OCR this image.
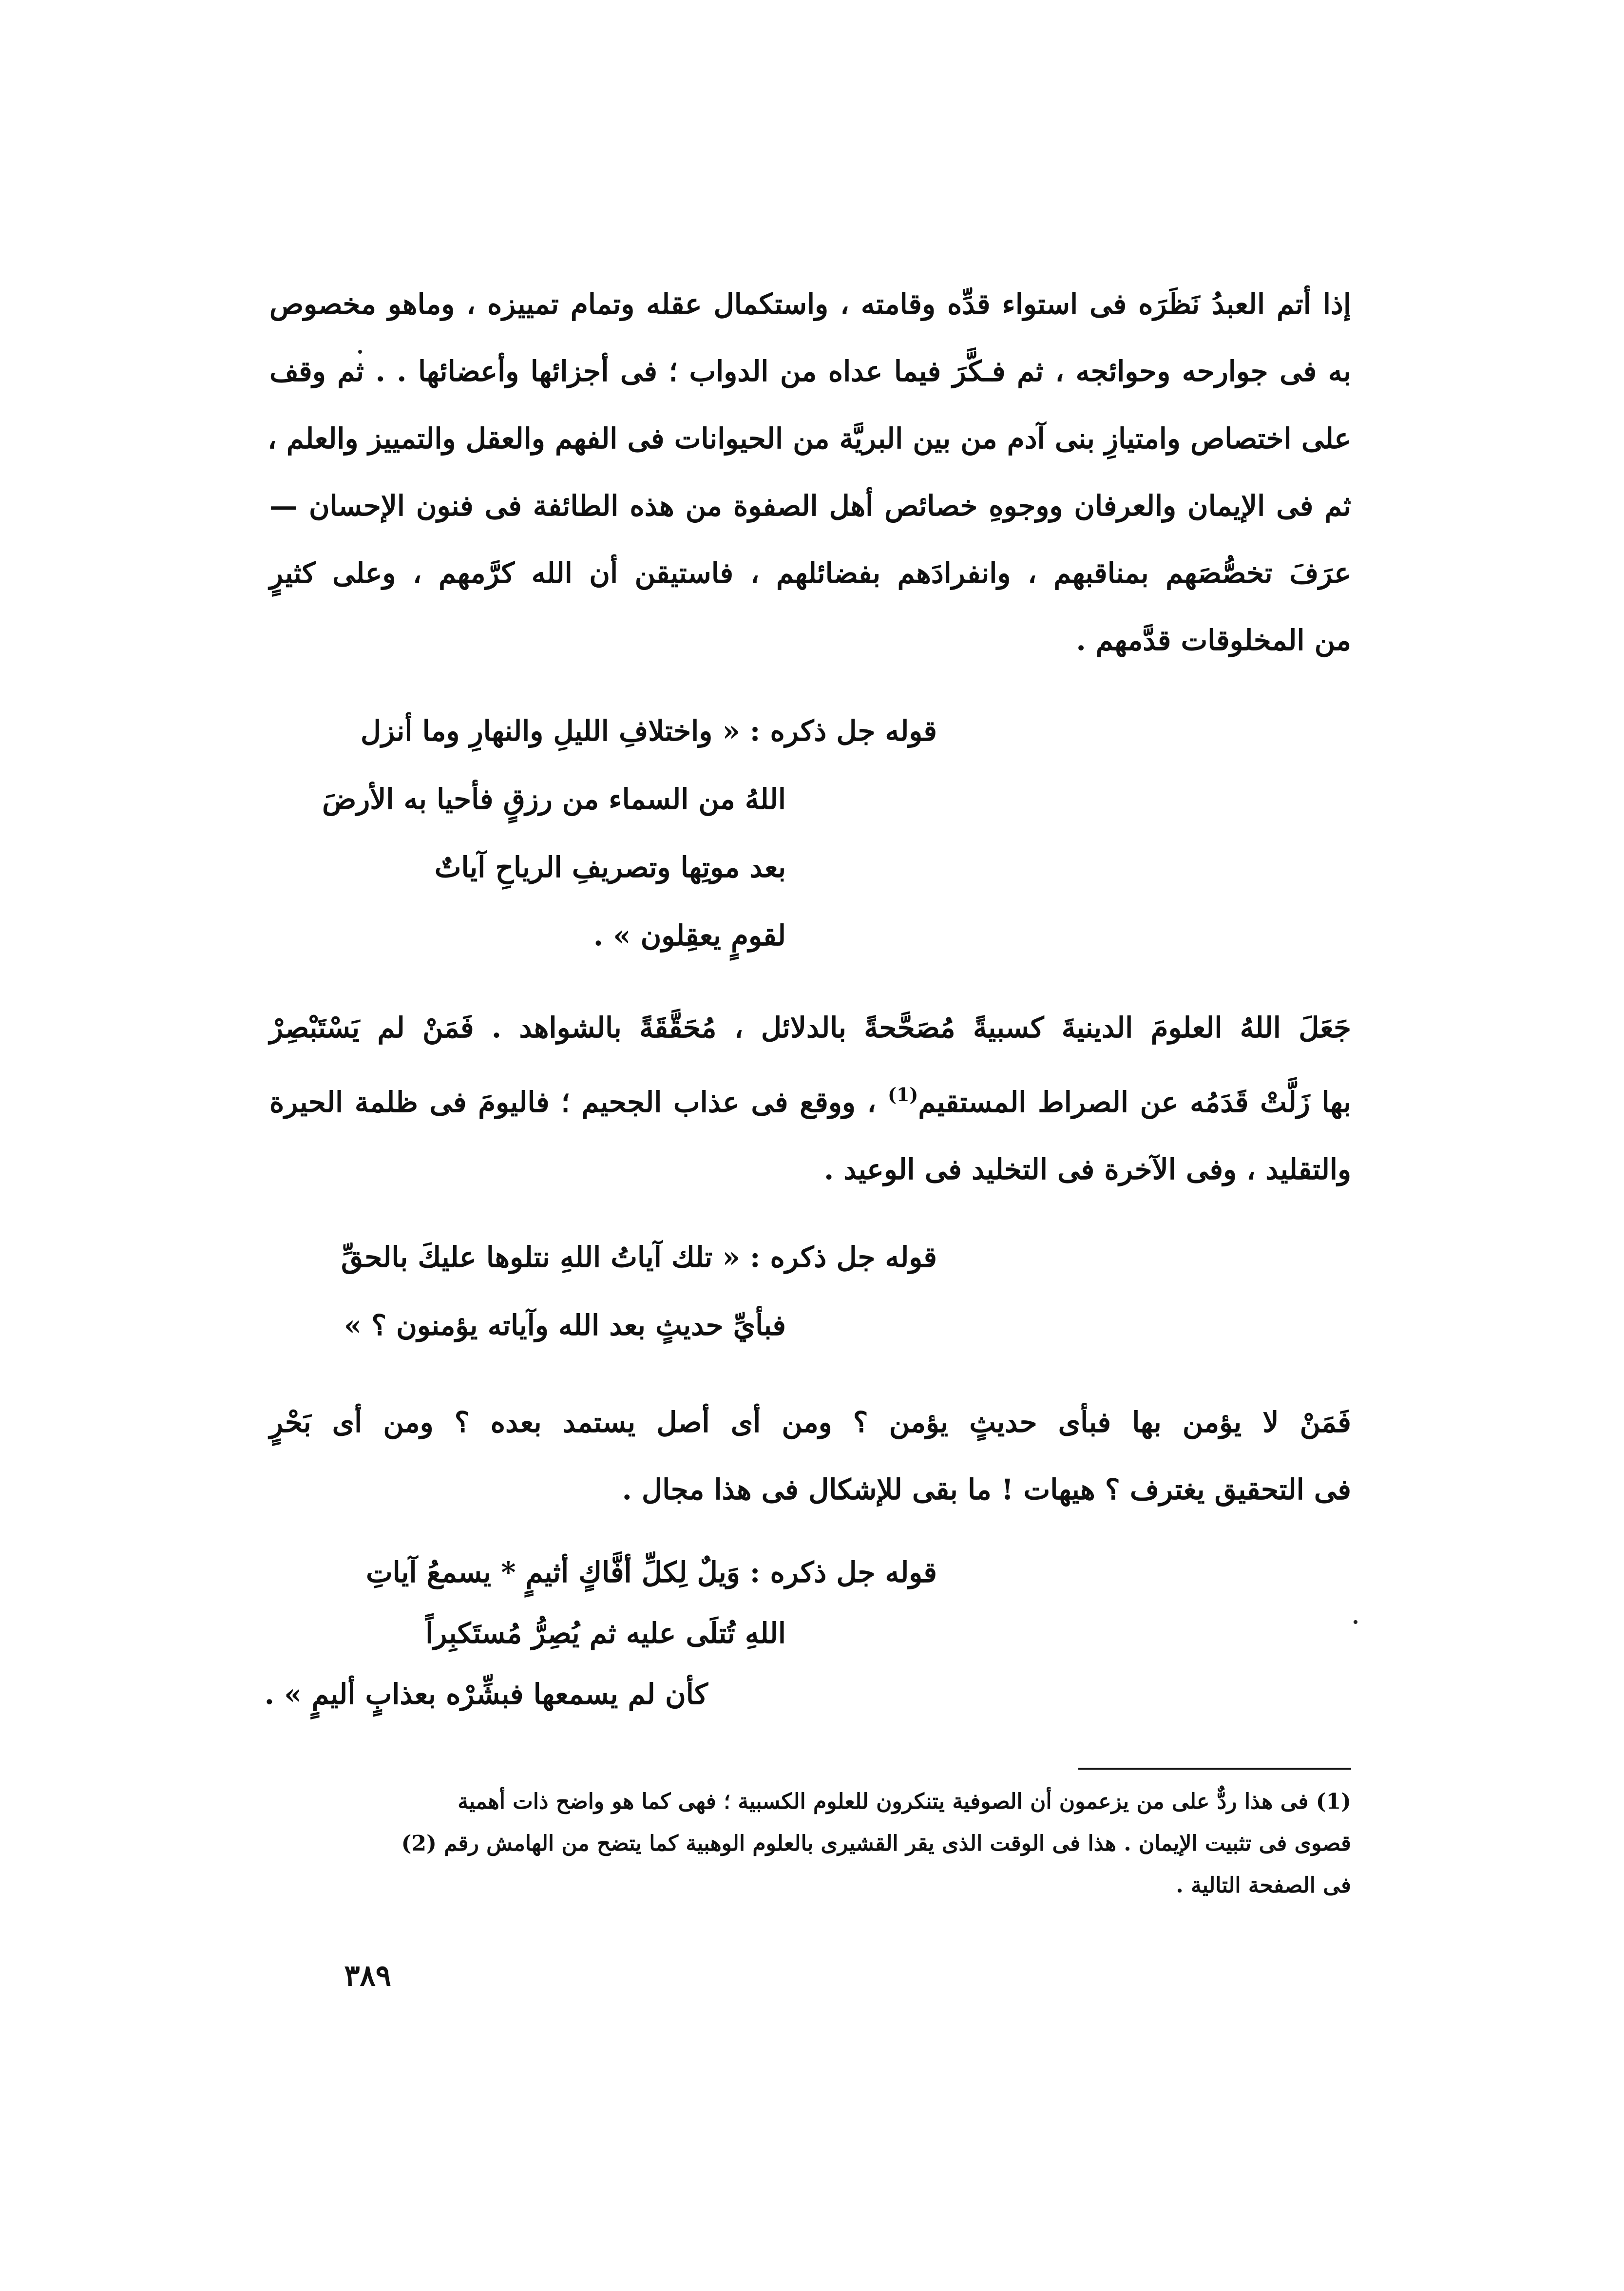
إذا أتم العبدُ نَظَرَه فى استواء قدِّه وقامته ، واستكمال عقله وتمام تمييزه ، وماهو مخصوص
به فى جوارحه وحوائجه ، ثم فـكَّرَ فيما عداه من الدواب ؛ فى أجزائها وأعضائها . . ثم وقف
على اختصاص وامتيازِ بنى آدم من بين البريَّة من الحيوانات فى الفهم والعقل والتمييز والعلم ،
ثم فى الإيمان والعرفان ووجوهِ خصائص أهل الصفوة من هذه الطائفة فى فنون الإحسان —
عرَفَ تخصُّصَهم بمناقبهم ، وانفرادَهم بفضائلهم ، فاستيقن أن الله كرَّمهم ، وعلى كثيرٍ
من المخلوقات قدَّمهم .
قوله جل ذكره : « واختلافِ الليلِ والنهارِ وما أنزل
اللهُ من السماء من رزقٍ فأحيا به الأرضَ
بعد موتِها وتصريفِ الرياحِ آياتٌ
لقومٍ يعقِلون » .
جَعَلَ اللهُ العلومَ الدينيةَ كسبيةً مُصَحَّحةً بالدلائل ، مُحَقَّقَةً بالشواهد . فَمَنْ لم يَسْتَبْصِرْ
بها زَلَّتْ قَدَمُه عن الصراط المستقيم$^{(1)}$ ، ووقع فى عذاب الجحيم ؛ فاليومَ فى ظلمة الحيرة
والتقليد ، وفى الآخرة فى التخليد فى الوعيد .
قوله جل ذكره : « تلك آياتُ اللهِ نتلوها عليكَ بالحقِّ
فبأيِّ حديثٍ بعد الله وآياته يؤمنون ؟ »
فَمَنْ لا يؤمن بها فبأى حديثٍ يؤمن ؟ ومن أى أصل يستمد بعده ؟ ومن أى بَحْرٍ
فى التحقيق يغترف ؟ هيهات ! ما بقى للإشكال فى هذا مجال .
قوله جل ذكره : وَيلٌ لِكلِّ أفَّاكٍ أثيمٍ * يسمعُ آياتِ
اللهِ تُتلَى عليه ثم يُصِرُّ مُستَكبِراً
كأن لم يسمعها فبشِّرْه بعذابٍ أليمٍ » .
(1) فى هذا ردٌّ على من يزعمون أن الصوفية يتنكرون للعلوم الكسبية ؛ فهى كما هو واضح ذات أهمية
قصوى فى تثبيت الإيمان . هذا فى الوقت الذى يقر القشيرى بالعلوم الوهبية كما يتضح من الهامش رقم (2)
فى الصفحة التالية .
٣٨٩
